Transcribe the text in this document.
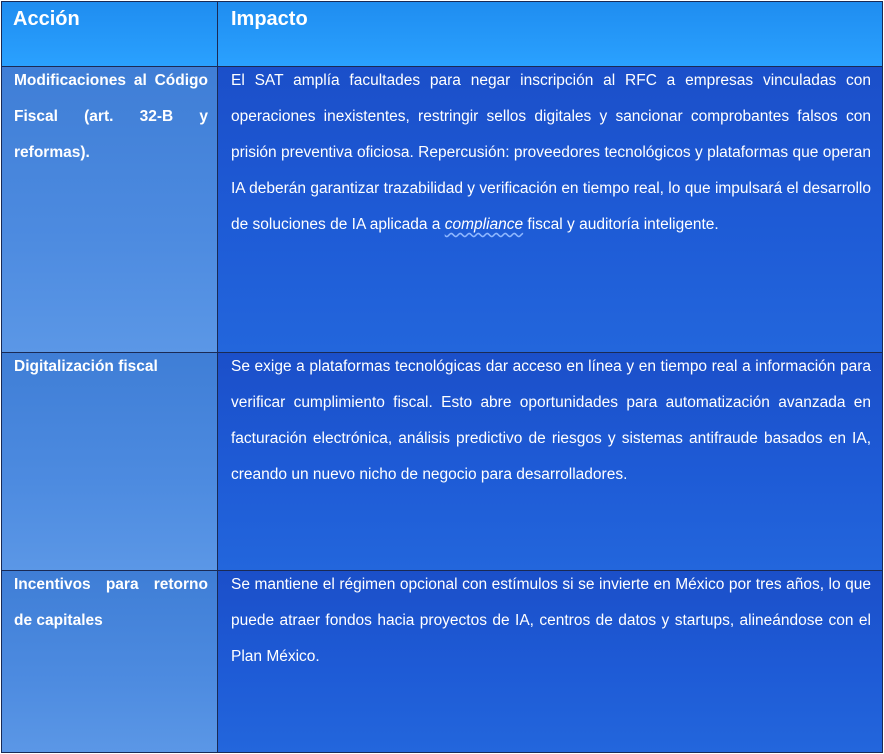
Acción	Impacto
Modificaciones al Código Fiscal (art. 32-B y reformas).
El SAT amplía facultades para negar inscripción al RFC a empresas vinculadas con operaciones inexistentes, restringir sellos digitales y sancionar comprobantes falsos con prisión preventiva oficiosa. Repercusión: proveedores tecnológicos y plataformas que operan IA deberán garantizar trazabilidad y verificación en tiempo real, lo que impulsará el desarrollo de soluciones de IA aplicada a compliance fiscal y auditoría inteligente.
Digitalización fiscal	Se exige a plataformas tecnológicas dar acceso en línea y en tiempo real a información para verificar cumplimiento fiscal. Esto abre oportunidades para automatización avanzada en facturación electrónica, análisis predictivo de riesgos y sistemas antifraude basados en IA, creando un nuevo nicho de negocio para desarrolladores.
Incentivos para retorno de capitales
Se mantiene el régimen opcional con estímulos si se invierte en México por tres años, lo que puede atraer fondos hacia proyectos de IA, centros de datos y startups, alineándose con el Plan México.
